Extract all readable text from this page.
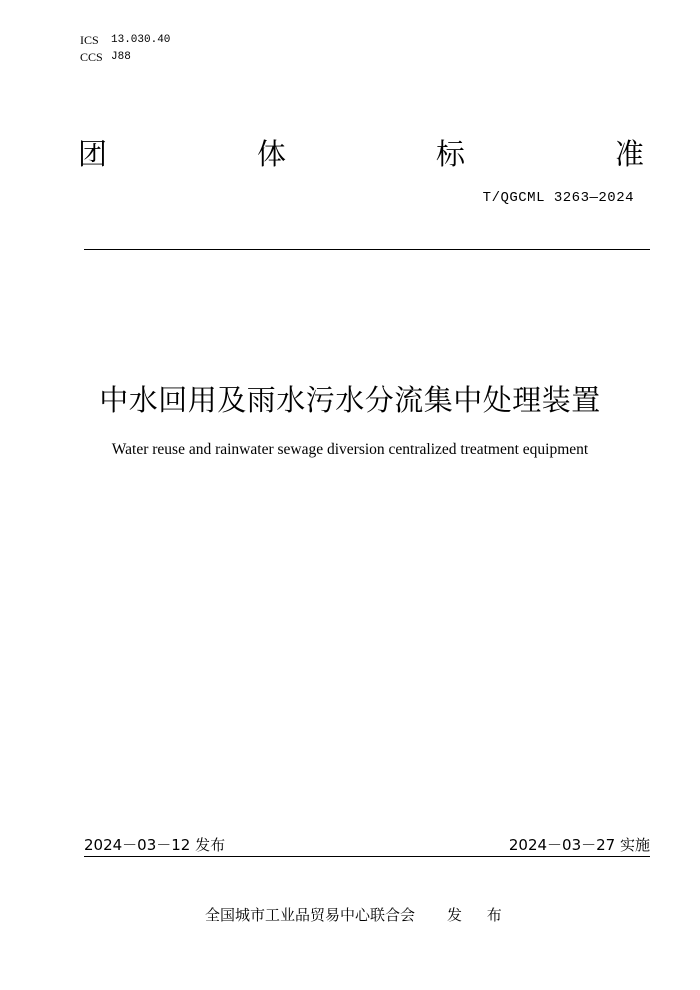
ICS	13.030.40
CCS J88
团	体	标	准
T/QGCML 3263—2024
中水回用及雨水污水分流集中处理装置
Water reuse and rainwater sewage diversion centralized treatment equipment
2024－03－12 发布	2024－03－27 实施
全国城市工业品贸易中心联合会 发 布
